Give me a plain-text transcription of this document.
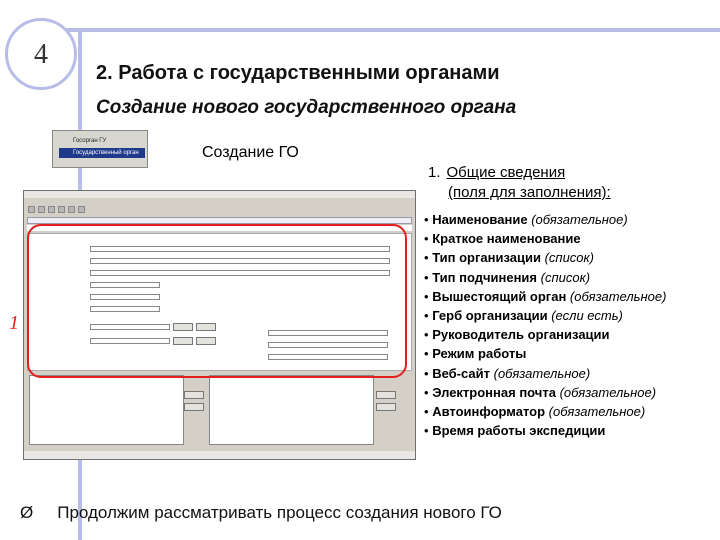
4
2. Работа с государственными органами
Создание нового государственного органа
Госорган ГУ
Государственный орган	Создание ГО
1. Общие сведения
(поля для заполнения):
• Наименование (обязательное)
• Краткое наименование
• Тип организации (список)
• Тип подчинения (список)
• Вышестоящий орган (обязательное)
• Герб организации (если есть)
• Руководитель организации
• Режим работы
• Веб-сайт (обязательное)
• Электронная почта (обязательное)
• Автоинформатор (обязательное)
• Время работы экспедиции
1
Ø Продолжим рассматривать процесс создания нового ГО
